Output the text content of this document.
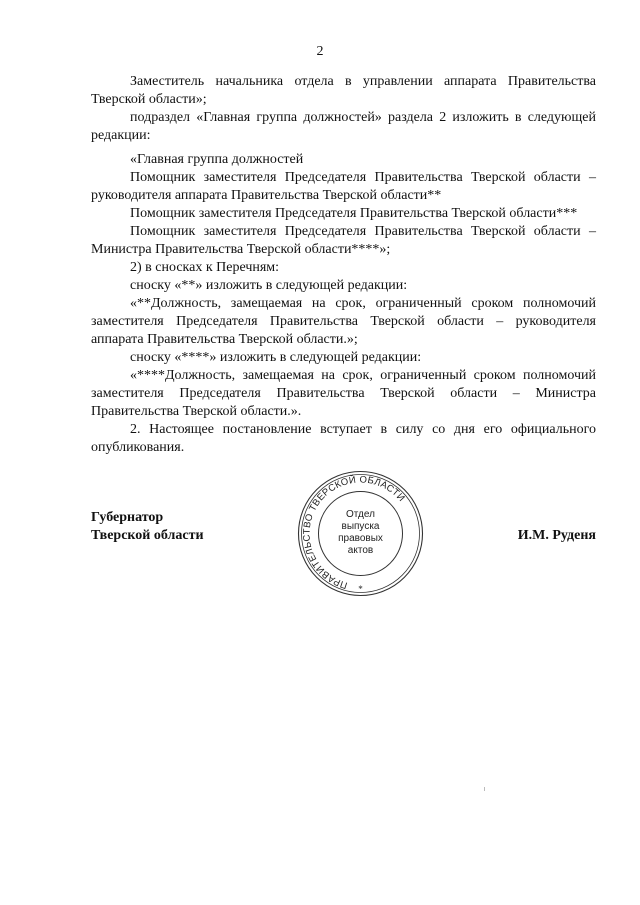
2

Заместитель начальника отдела в управлении аппарата Правительства Тверской области»;

подраздел «Главная группа должностей» раздела 2 изложить в следующей редакции:

«Главная группа должностей

Помощник заместителя Председателя Правительства Тверской области – руководителя аппарата Правительства Тверской области**

Помощник заместителя Председателя Правительства Тверской области***

Помощник заместителя Председателя Правительства Тверской области – Министра Правительства Тверской области****»;

2) в сносках к Перечням:

сноску «**» изложить в следующей редакции:

«**Должность, замещаемая на срок, ограниченный сроком полномочий заместителя Председателя Правительства Тверской области – руководителя аппарата Правительства Тверской области.»;

сноску «****» изложить в следующей редакции:

«****Должность, замещаемая на срок, ограниченный сроком полномочий заместителя Председателя Правительства Тверской области – Министра Правительства Тверской области.».

2. Настоящее постановление вступает в силу со дня его официального опубликования.

Губернатор
Тверской области
ПРАВИТЕЛЬСТВО ТВЕРСКОЙ ОБЛАСТИ
*
Отдел
выпуска
правовых
актов
И.М. Руденя
